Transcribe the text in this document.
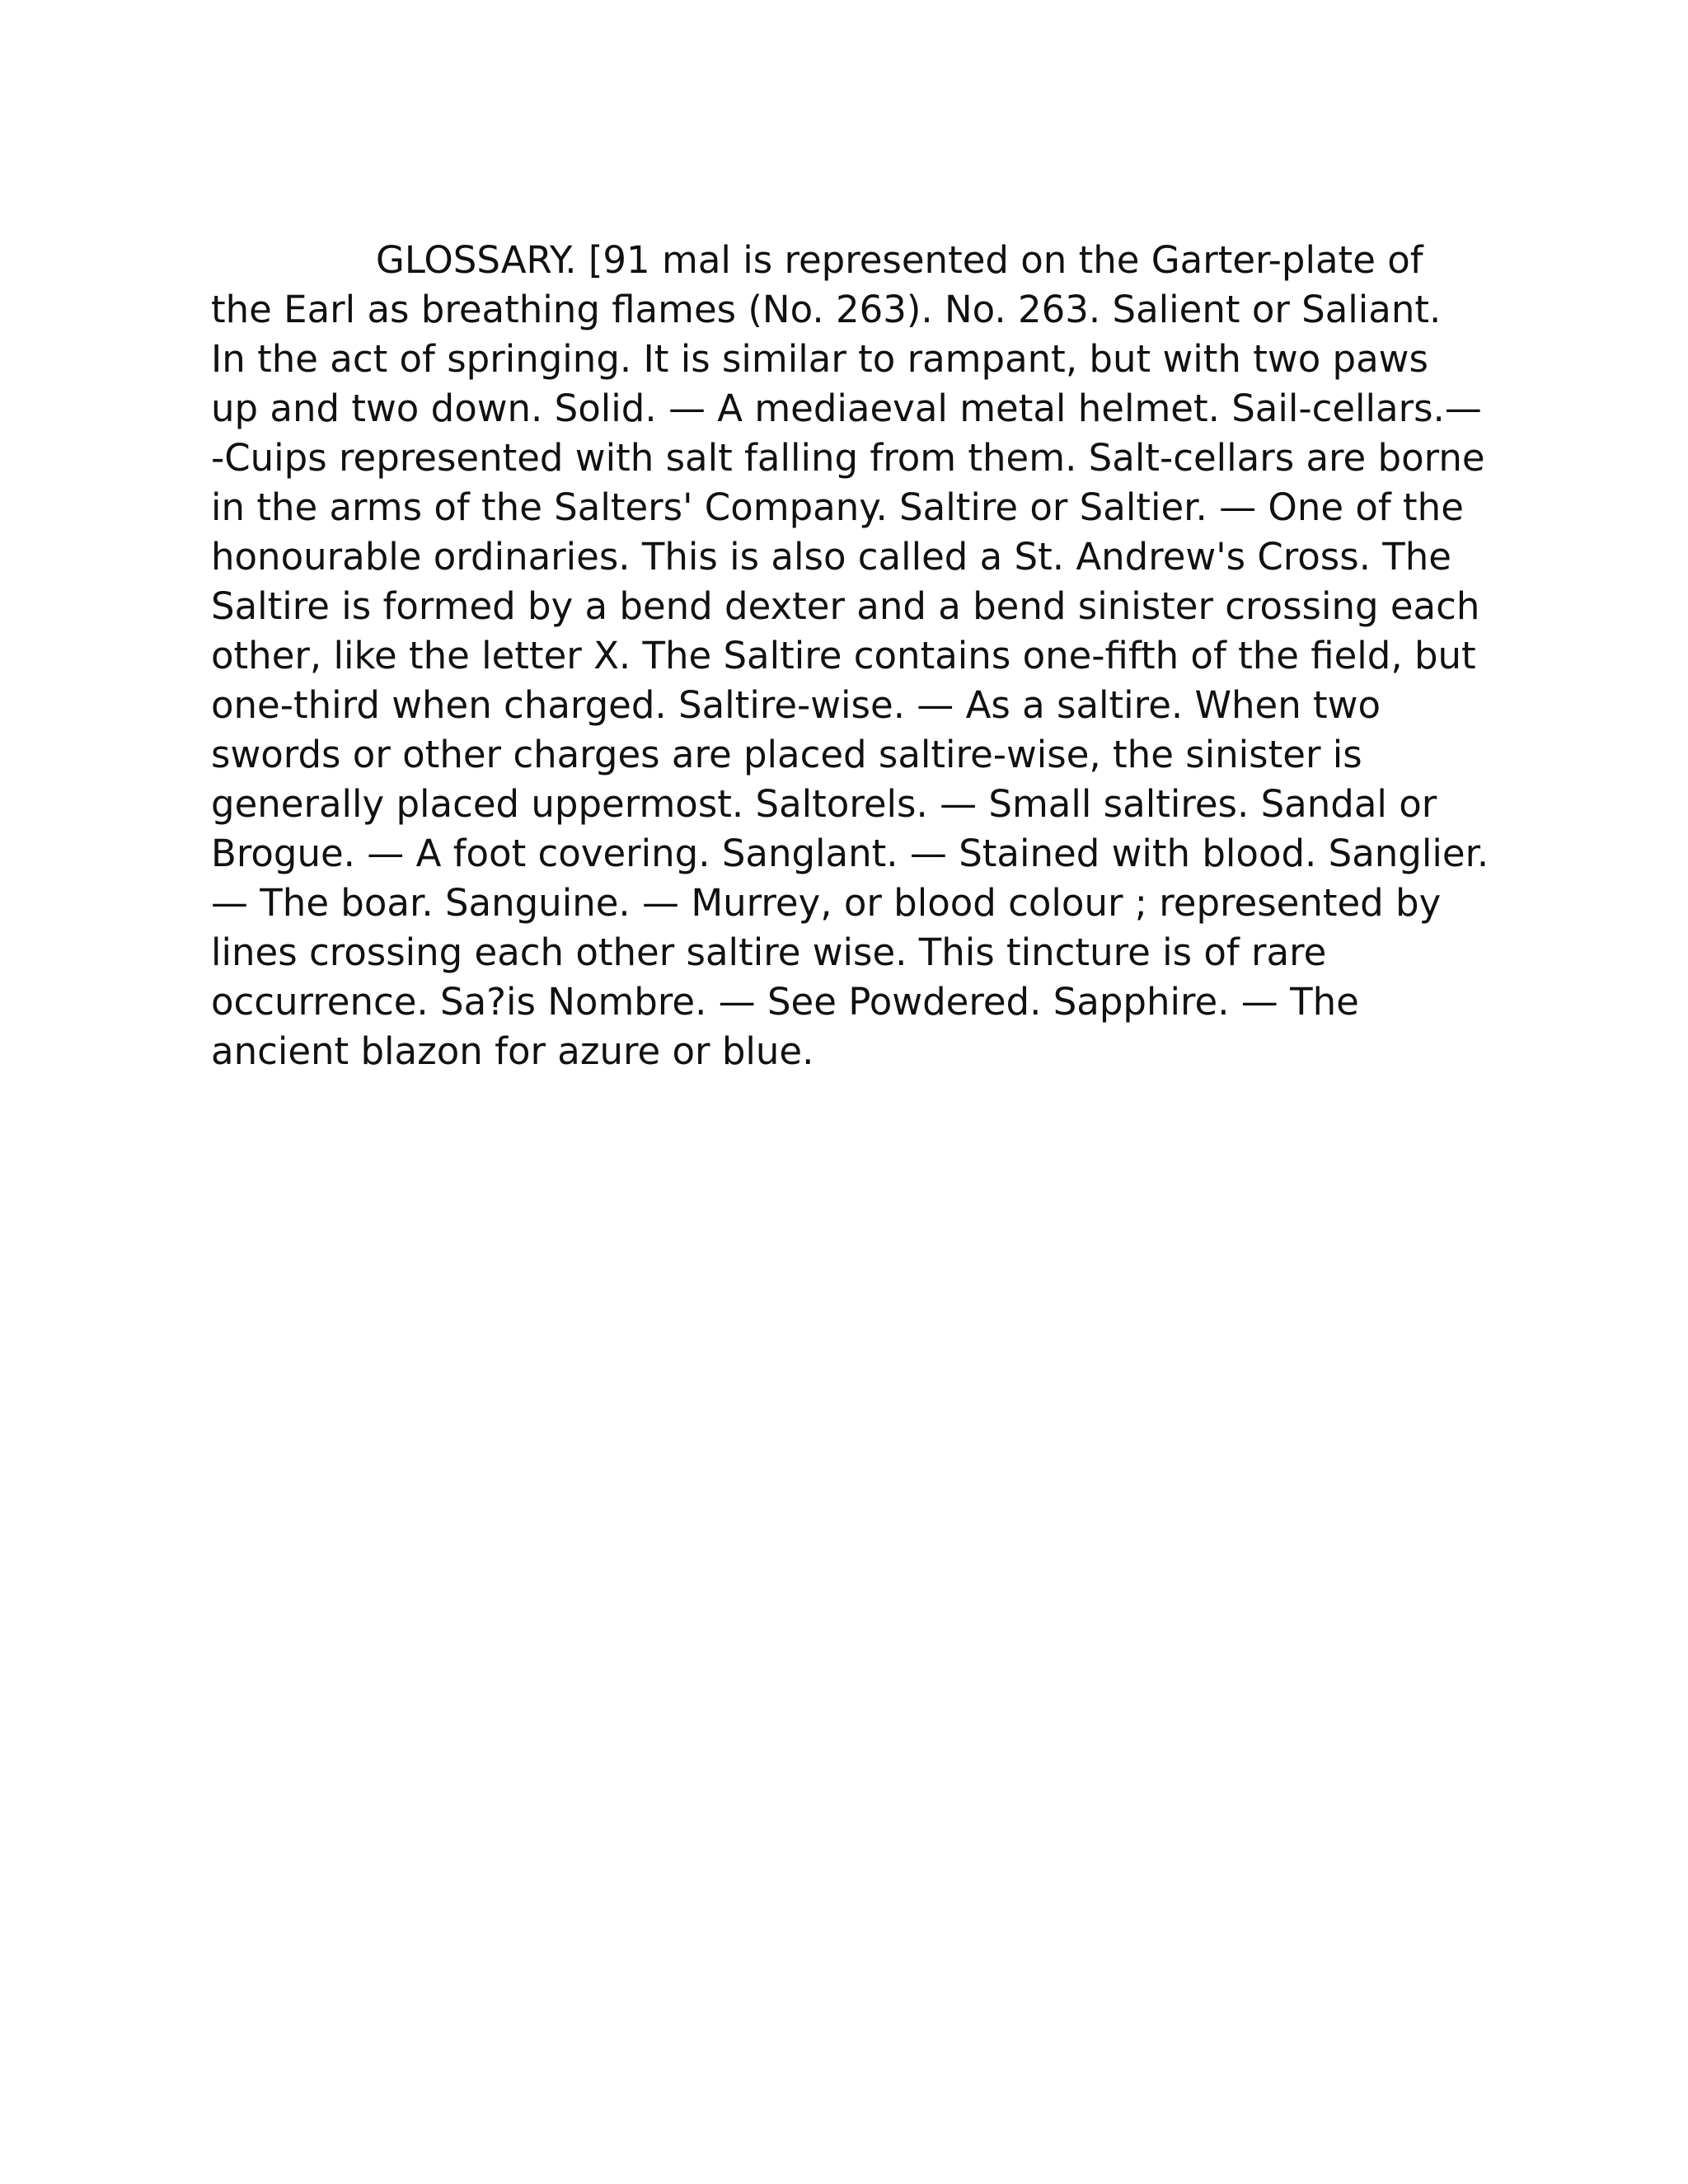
GLOSSARY. [91 mal is represented on the Garter-plate of
the Earl as breathing flames (No. 263). No. 263. Salient or Saliant.
In the act of springing. It is similar to rampant, but with two paws
up and two down. Solid. — A mediaeval metal helmet. Sail-cellars.—
-Cuips represented with salt falling from them. Salt-cellars are borne
in the arms of the Salters' Company. Saltire or Saltier. — One of the
honourable ordinaries. This is also called a St. Andrew's Cross. The
Saltire is formed by a bend dexter and a bend sinister crossing each
other, like the letter X. The Saltire contains one-fifth of the field, but
one-third when charged. Saltire-wise. — As a saltire. When two
swords or other charges are placed saltire-wise, the sinister is
generally placed uppermost. Saltorels. — Small saltires. Sandal or
Brogue. — A foot covering. Sanglant. — Stained with blood. Sanglier.
— The boar. Sanguine. — Murrey, or blood colour ; represented by
lines crossing each other saltire wise. This tincture is of rare
occurrence. Sa?is Nombre. — See Powdered. Sapphire. — The
ancient blazon for azure or blue.
